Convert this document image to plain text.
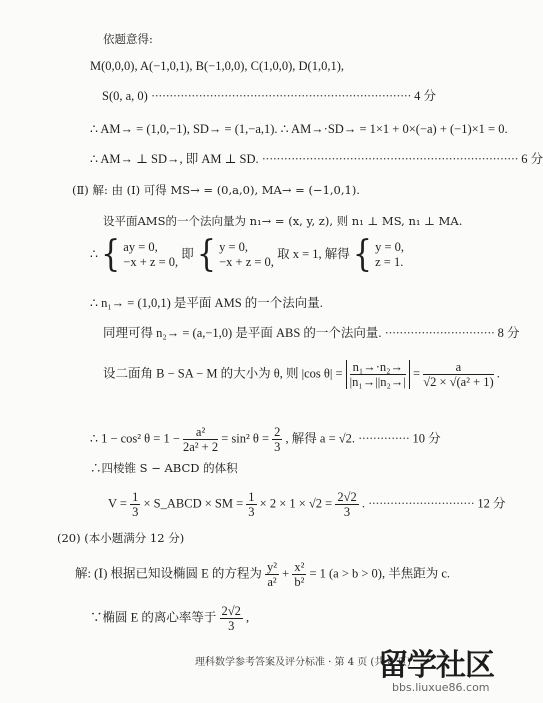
依题意得:
M(0,0,0), A(−1,0,1), B(−1,0,0), C(1,0,0), D(1,0,1),
S(0, a, 0) ······································································· 4 分
∴ AM→ = (1,0,−1), SD→ = (1,−a,1). ∴ AM→·SD→ = 1×1 + 0×(−a) + (−1)×1 = 0.
∴ AM→ ⊥ SD→, 即 AM ⊥ SD. ······································································ 6 分
(Ⅱ) 解: 由 (Ⅰ) 可得 MS→ = (0,a,0), MA→ = (−1,0,1).
设平面AMS的一个法向量为 n₁→ = (x, y, z), 则 n₁ ⊥ MS, n₁ ⊥ MA.
∴ { ay = 0,
−x + z = 0,
即 { y = 0,
−x + z = 0,
取 x = 1, 解得 { y = 0,
z = 1.
∴ n₁→ = (1,0,1) 是平面 AMS 的一个法向量.
同理可得 n₂→ = (a,−1,0) 是平面 ABS 的一个法向量. ······························ 8 分
设二面角 B − SA − M 的大小为 θ, 则 |cos $\theta| = \frac{\text{n₁→·n₂→}}{\text{|n₁→||n₂→|}} = \frac{a}{\text{√2 × √(a² + 1)}}$ .
∴ 1 − cos² $\theta = 1 - \frac{\text{a²}}{\text{2a² + 2}} = \sin^2$ $\theta = \frac{2}{3}$ , 解得 a = √2. ·············· 10 分
∴四棱锥 S − ABCD 的体积
$V = \frac{1}{3}$ × S_ABCD × SM = $\frac{1}{3} \times 2 \times 1 \times √2 = \frac{2√2}{3}$ . ····························· 12 分
(20) (本小题满分 12 分)
解: (Ⅰ) 根据已知设椭圆 E 的方程为 $\frac{\text{y²}}{\text{a²}} + \frac{\text{x²}}{\text{b²}} = 1$ (a > b > 0), 半焦距为 c.
∵椭圆 E 的离心率等于 $\frac{2√2}{3}$ ,
理科数学参考答案及评分标准 · 第 4 页 (共 8 页)
留学社区
bbs.liuxue86.com
